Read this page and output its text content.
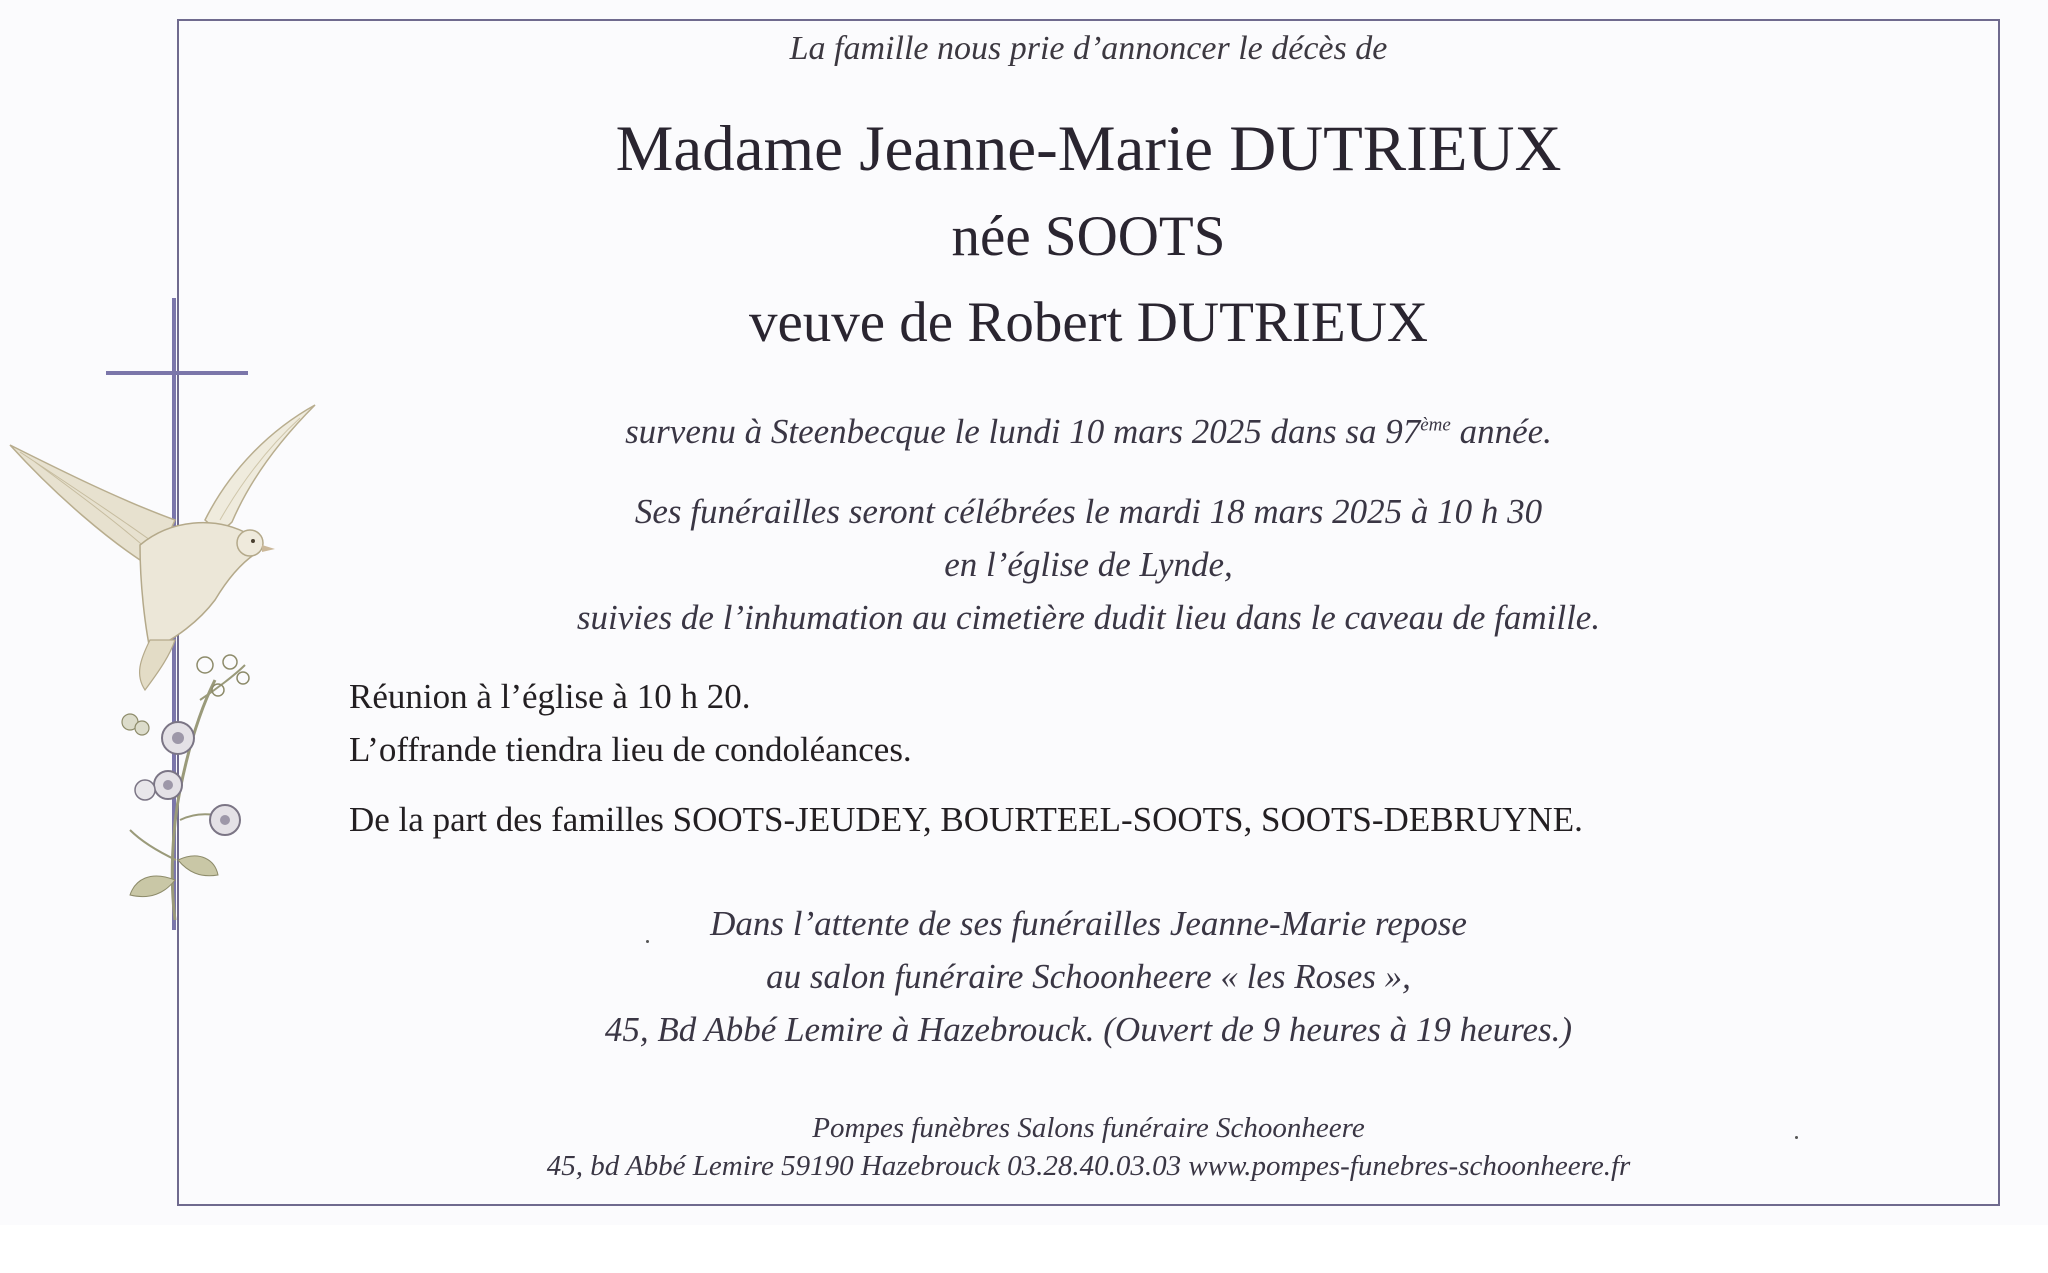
La famille nous prie d’annoncer le décès de
Madame Jeanne-Marie DUTRIEUX
née SOOTS
veuve de Robert DUTRIEUX
survenu à Steenbecque le lundi 10 mars 2025 dans sa 97ème année.
Ses funérailles seront célébrées le mardi 18 mars 2025 à 10 h 30
en l’église de Lynde,
suivies de l’inhumation au cimetière dudit lieu dans le caveau de famille.
Réunion à l’église à 10 h 20.
L’offrande tiendra lieu de condoléances.
De la part des familles SOOTS-JEUDEY, BOURTEEL-SOOTS, SOOTS-DEBRUYNE.
Dans l’attente de ses funérailles Jeanne-Marie repose
au salon funéraire Schoonheere « les Roses »,
45, Bd Abbé Lemire à Hazebrouck. (Ouvert de 9 heures à 19 heures.)
Pompes funèbres Salons funéraire Schoonheere
45, bd Abbé Lemire 59190 Hazebrouck 03.28.40.03.03 www.pompes-funebres-schoonheere.fr
